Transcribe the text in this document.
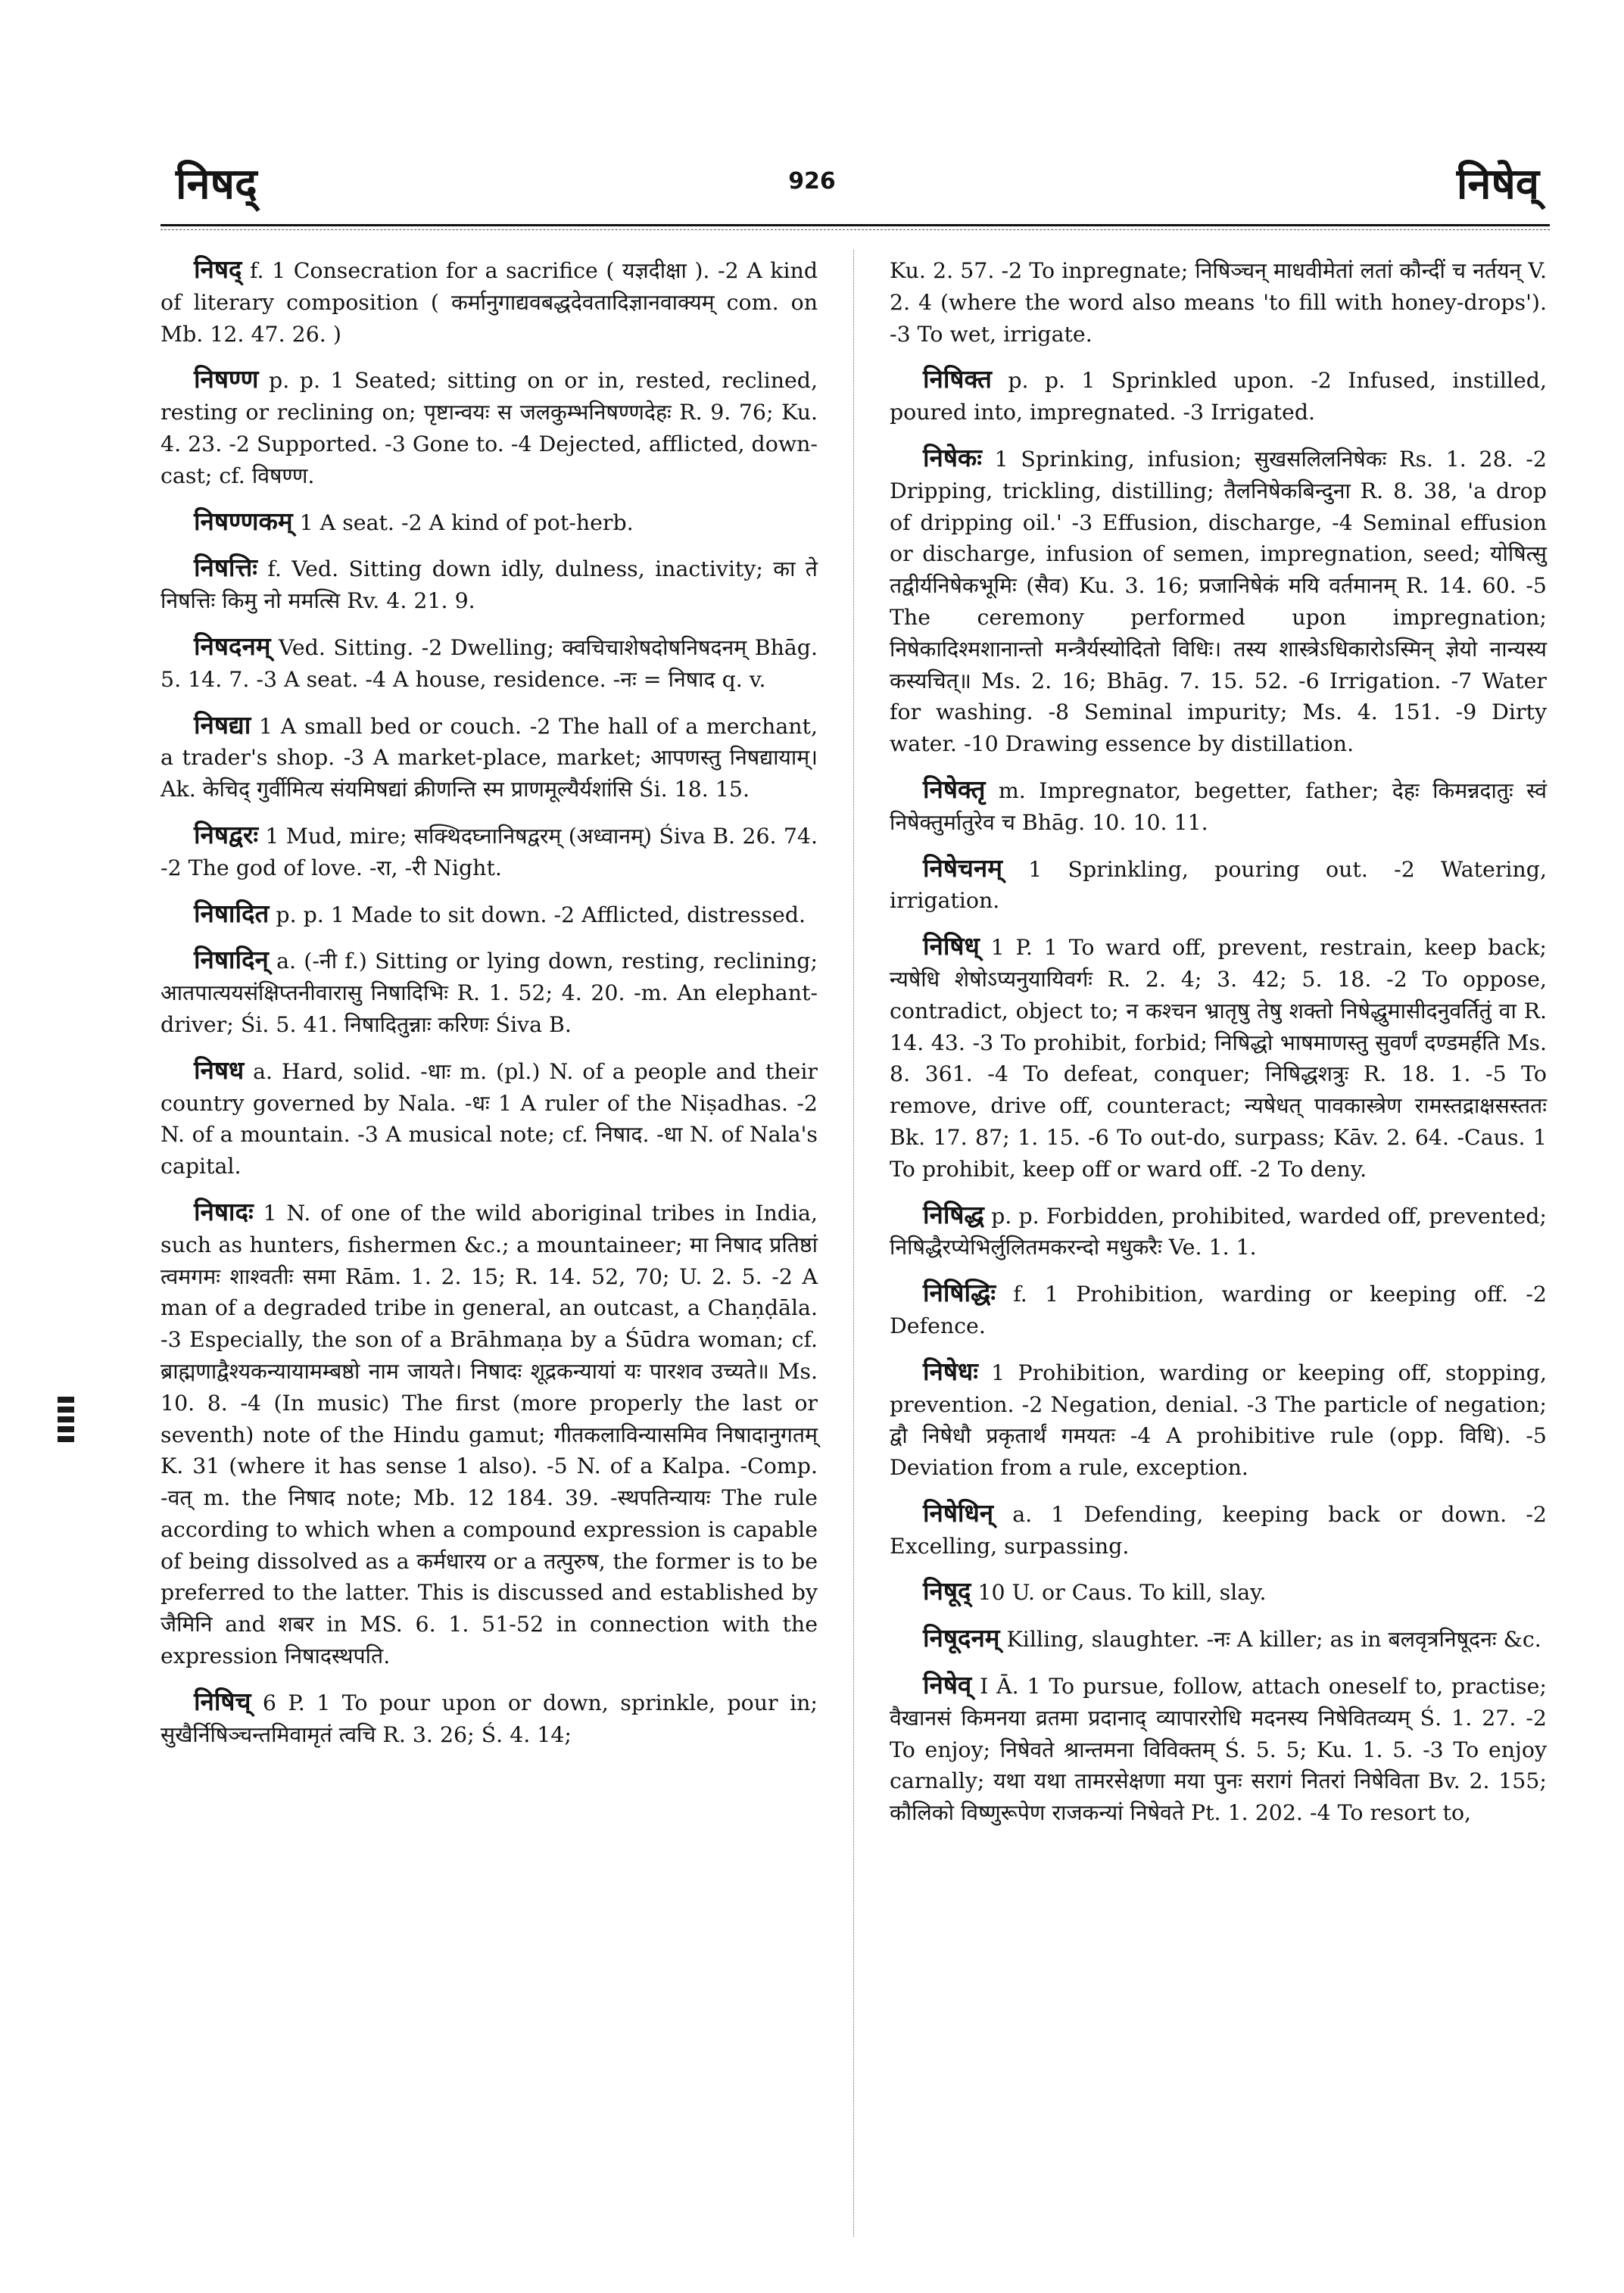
निषद्	926	निषेव्

निषद् f. 1 Consecration for a sacrifice ( यज्ञदीक्षा ). -2 A kind of literary composition ( कर्मानुगाद्यवबद्धदेवतादिज्ञानवाक्यम् com. on Mb. 12. 47. 26. )

निषण्ण p. p. 1 Seated; sitting on or in, rested, reclined, resting or reclining on; पृष्टान्वयः स जलकुम्भनिषण्णदेहः R. 9. 76; Ku. 4. 23. -2 Supported. -3 Gone to. -4 Dejected, afflicted, down-cast; cf. विषण्ण.

निषण्णकम् 1 A seat. -2 A kind of pot-herb.

निषत्तिः f. Ved. Sitting down idly, dulness, inactivity; का ते निषत्तिः किमु नो ममत्सि Rv. 4. 21. 9.

निषदनम् Ved. Sitting. -2 Dwelling; क्वचिचाशेषदोषनिषदनम् Bhāg. 5. 14. 7. -3 A seat. -4 A house, residence. -नः = निषाद q. v.

निषद्या 1 A small bed or couch. -2 The hall of a merchant, a trader's shop. -3 A market-place, market; आपणस्तु निषद्यायाम्। Ak. केचिद् गुर्वीमित्य संयमिषद्यां क्रीणन्ति स्म प्राणमूल्यैर्यशांसि Śi. 18. 15.

निषद्वरः 1 Mud, mire; सक्थिदघ्नानिषद्वरम् (अध्वानम्) Śiva B. 26. 74. -2 The god of love. -रा, -री Night.

निषादित p. p. 1 Made to sit down. -2 Afflicted, distressed.

निषादिन् a. (-नी f.) Sitting or lying down, resting, reclining; आतपात्ययसंक्षिप्तनीवारासु निषादिभिः R. 1. 52; 4. 20. -m. An elephant-driver; Śi. 5. 41. निषादितुन्नाः करिणः Śiva B.

निषध a. Hard, solid. -धाः m. (pl.) N. of a people and their country governed by Nala. -धः 1 A ruler of the Niṣadhas. -2 N. of a mountain. -3 A musical note; cf. निषाद. -धा N. of Nala's capital.

निषादः 1 N. of one of the wild aboriginal tribes in India, such as hunters, fishermen &c.; a mountaineer; मा निषाद प्रतिष्ठां त्वमगमः शाश्वतीः समा Rām. 1. 2. 15; R. 14. 52, 70; U. 2. 5. -2 A man of a degraded tribe in general, an outcast, a Chaṇḍāla. -3 Especially, the son of a Brāhmaṇa by a Śūdra woman; cf. ब्राह्मणाद्वैश्यकन्यायामम्बष्ठो नाम जायते। निषादः शूद्रकन्यायां यः पारशव उच्यते॥ Ms. 10. 8. -4 (In music) The first (more properly the last or seventh) note of the Hindu gamut; गीतकलाविन्यासमिव निषादानुगतम् K. 31 (where it has sense 1 also). -5 N. of a Kalpa. -Comp. -वत् m. the निषाद note; Mb. 12 184. 39. -स्थपतिन्यायः The rule according to which when a compound expression is capable of being dissolved as a कर्मधारय or a तत्पुरुष, the former is to be preferred to the latter. This is discussed and established by जैमिनि and शबर in MS. 6. 1. 51-52 in connection with the expression निषादस्थपति.

निषिच् 6 P. 1 To pour upon or down, sprinkle, pour in; सुखैर्निषिञ्चन्तमिवामृतं त्वचि R. 3. 26; Ś. 4. 14;

Ku. 2. 57. -2 To inpregnate; निषिञ्चन् माधवीमेतां लतां कौन्दीं च नर्तयन् V. 2. 4 (where the word also means 'to fill with honey-drops'). -3 To wet, irrigate.

निषिक्त p. p. 1 Sprinkled upon. -2 Infused, instilled, poured into, impregnated. -3 Irrigated.

निषेकः 1 Sprinking, infusion; सुखसलिलनिषेकः Rs. 1. 28. -2 Dripping, trickling, distilling; तैलनिषेकबिन्दुना R. 8. 38, 'a drop of dripping oil.' -3 Effusion, discharge, -4 Seminal effusion or discharge, infusion of semen, impregnation, seed; योषित्सु तद्वीर्यनिषेकभूमिः (सैव) Ku. 3. 16; प्रजानिषेकं मयि वर्तमानम् R. 14. 60. -5 The ceremony performed upon impregnation; निषेकादिश्मशानान्तो मन्त्रैर्यस्योदितो विधिः। तस्य शास्त्रेऽधिकारोऽस्मिन् ज्ञेयो नान्यस्य कस्यचित्॥ Ms. 2. 16; Bhāg. 7. 15. 52. -6 Irrigation. -7 Water for washing. -8 Seminal impurity; Ms. 4. 151. -9 Dirty water. -10 Drawing essence by distillation.

निषेक्तृ m. Impregnator, begetter, father; देहः किमन्नदातुः स्वं निषेक्तुर्मातुरेव च Bhāg. 10. 10. 11.

निषेचनम् 1 Sprinkling, pouring out. -2 Watering, irrigation.

निषिध् 1 P. 1 To ward off, prevent, restrain, keep back; न्यषेधि शेषोऽप्यनुयायिवर्गः R. 2. 4; 3. 42; 5. 18. -2 To oppose, contradict, object to; न कश्चन भ्रातृषु तेषु शक्तो निषेद्धुमासीदनुवर्तितुं वा R. 14. 43. -3 To prohibit, forbid; निषिद्धो भाषमाणस्तु सुवर्णं दण्डमर्हति Ms. 8. 361. -4 To defeat, conquer; निषिद्धशत्रुः R. 18. 1. -5 To remove, drive off, counteract; न्यषेधत् पावकास्त्रेण रामस्तद्राक्षसस्ततः Bk. 17. 87; 1. 15. -6 To out-do, surpass; Kāv. 2. 64. -Caus. 1 To prohibit, keep off or ward off. -2 To deny.

निषिद्ध p. p. Forbidden, prohibited, warded off, prevented; निषिद्धैरप्येभिर्लुलितमकरन्दो मधुकरैः Ve. 1. 1.

निषिद्धिः f. 1 Prohibition, warding or keeping off. -2 Defence.

निषेधः 1 Prohibition, warding or keeping off, stopping, prevention. -2 Negation, denial. -3 The particle of negation; द्वौ निषेधौ प्रकृतार्थं गमयतः -4 A prohibitive rule (opp. विधि). -5 Deviation from a rule, exception.

निषेधिन् a. 1 Defending, keeping back or down. -2 Excelling, surpassing.

निषूद् 10 U. or Caus. To kill, slay.

निषूदनम् Killing, slaughter. -नः A killer; as in बलवृत्रनिषूदनः &c.

निषेव् I Ā. 1 To pursue, follow, attach oneself to, practise; वैखानसं किमनया व्रतमा प्रदानाद् व्यापाररोधि मदनस्य निषेवितव्यम् Ś. 1. 27. -2 To enjoy; निषेवते श्रान्तमना विविक्तम् Ś. 5. 5; Ku. 1. 5. -3 To enjoy carnally; यथा यथा तामरसेक्षणा मया पुनः सरागं नितरां निषेविता Bv. 2. 155; कौलिको विष्णुरूपेण राजकन्यां निषेवते Pt. 1. 202. -4 To resort to,
